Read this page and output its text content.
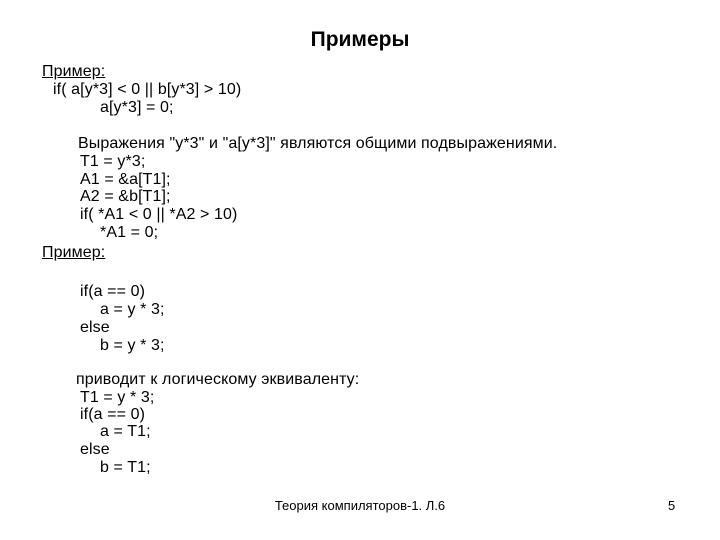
Примеры
Пример:
if( a[y*3] < 0 || b[y*3] > 10)
a[y*3] = 0;
Выражения "y*3" и "a[y*3]" являются общими подвыражениями.
T1 = y*3;
A1 = &a[T1];
A2 = &b[T1];
if( *A1 < 0 || *A2 > 10)
*A1 = 0;
Пример:
if(a == 0)
a = y * 3;
else
b = y * 3;
приводит к логическому эквиваленту:
T1 = y * 3;
if(a == 0)
a = T1;
else
b = T1;
Теория компиляторов-1. Л.6	5
